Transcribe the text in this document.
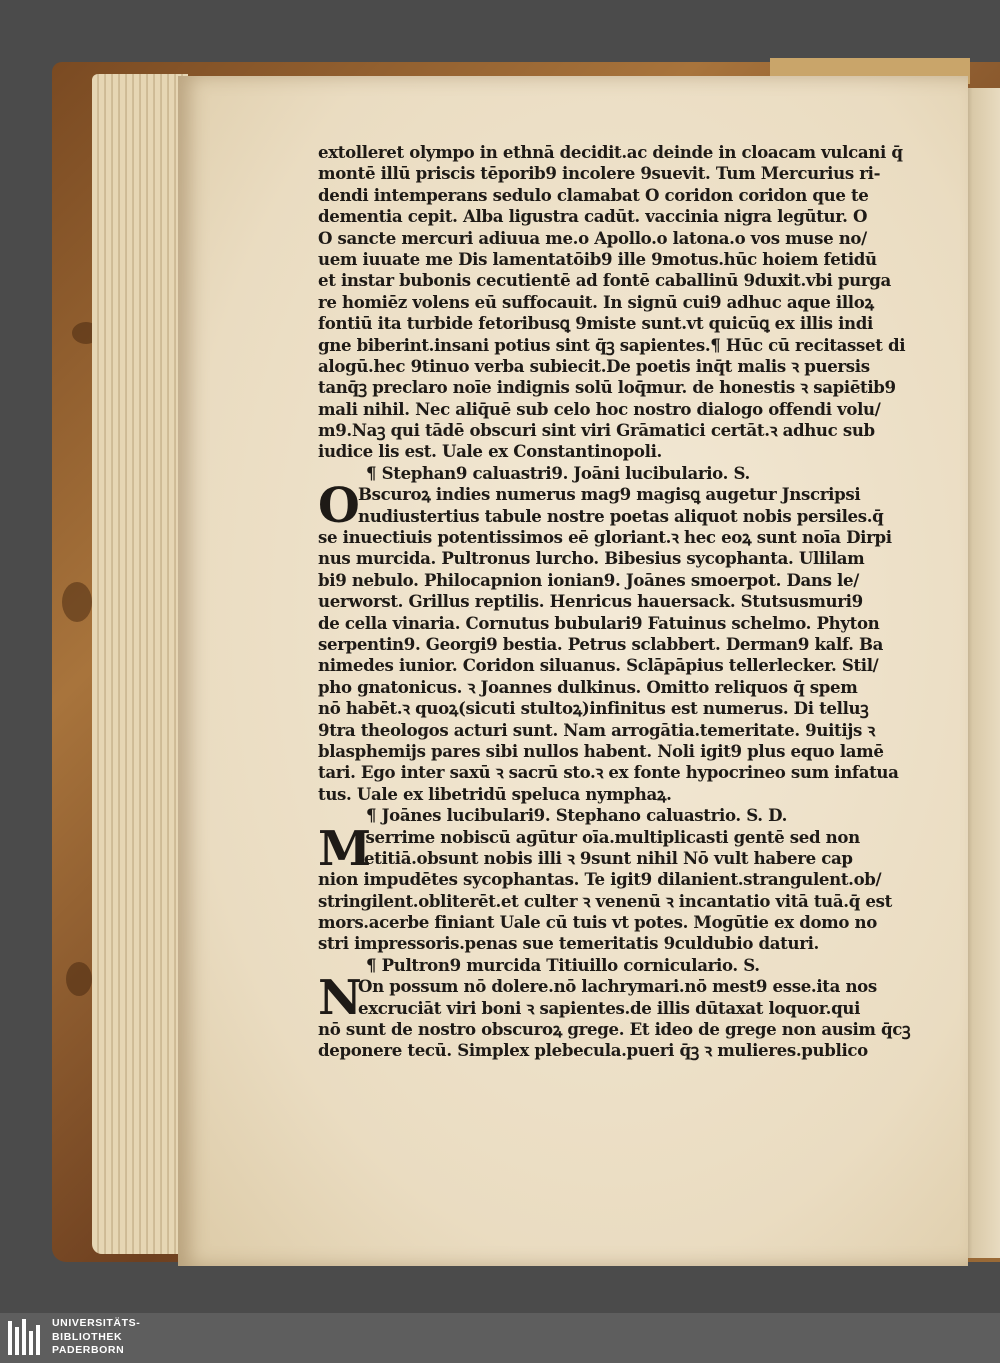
extolleret olympo in ethnā decidit.ac deinde in cloacam vulcani q̄
montē illū priscis tēporib9 incolere 9suevit. Tum Mercurius ri-
dendi intemperans sedulo clamabat O coridon coridon que te
dementia cepit. Alba ligustra cadūt. vaccinia nigra legūtur. O
O sancte mercuri adiuua me.o Apollo.o latona.o vos muse no/
uem iuuate me Dis lamentatōib9 ille 9motus.hūc hoiem fetidū
et instar bubonis cecutientē ad fontē caballinū 9duxit.vbi purga
re homiēz volens eū suffocauit. In signū cui9 adhuc aque illoꝝ
fontiū ita turbide fetoribusꝗ 9miste sunt.vt quicūꝗ ex illis indi
gne biberint.insani potius sint q̄ꝫ sapientes.¶ Hūc cū recitasset di
alogū.hec 9tinuo verba subiecit.De poetis inq̄t malis ꝛ puersis
tanq̄ꝫ preclaro noīe indignis solū loq̄mur. de honestis ꝛ sapiētib9
mali nihil. Nec aliq̄uē sub celo hoc nostro dialogo offendi volu/
m9.Naꝫ qui tādē obscuri sint viri Grāmatici certāt.ꝛ adhuc sub
iudice lis est. Uale ex Constantinopoli.
¶ Stephan9 caluastri9. Joāni lucibulario. S.
O
Bscuroꝝ indies numerus mag9 magisꝗ augetur Jnscripsi
nudiustertius tabule nostre poetas aliquot nobis persiles.q̄
se inuectiuis potentissimos eē gloriant.ꝛ hec eoꝝ sunt noīa Dirpi
nus murcida. Pultronus lurcho. Bibesius sycophanta. Ullilam
bi9 nebulo. Philocapnion ionian9. Joānes smoerpot. Dans le/
uerworst. Grillus reptilis. Henricus hauersack. Stutsusmuri9
de cella vinaria. Cornutus bubulari9 Fatuinus schelmo. Phyton
serpentin9. Georgi9 bestia. Petrus sclabbert. Derman9 kalf. Ba
nimedes iunior. Coridon siluanus. Sclāpāpius tellerlecker. Stil/
pho gnatonicus. ꝛ Joannes dulkinus. Omitto reliquos q̄ spem
nō habēt.ꝛ quoꝝ(sicuti stultoꝝ)infinitus est numerus. Di telluꝫ
9tra theologos acturi sunt. Nam arrogātia.temeritate. 9uitijs ꝛ
blasphemijs pares sibi nullos habent. Noli igit9 plus equo lamē
tari. Ego inter saxū ꝛ sacrū sto.ꝛ ex fonte hypocrineo sum infatua
tus. Uale ex libetridū speluca nymphaꝝ.
¶ Joānes lucibulari9. Stephano caluastrio. S. D.
M
Jserrime nobiscū agūtur oīa.multiplicasti gentē sed non
letitiā.obsunt nobis illi ꝛ 9sunt nihil Nō vult habere cap
nion impudētes sycophantas. Te igit9 dilanient.strangulent.ob/
stringilent.obliterēt.et culter ꝛ venenū ꝛ incantatio vitā tuā.q̄ est
mors.acerbe finiant Uale cū tuis vt potes. Mogūtie ex domo no
stri impressoris.penas sue temeritatis 9culdubio daturi.
¶ Pultron9 murcida Titiuillo corniculario. S.
N
On possum nō dolere.nō lachrymari.nō mest9 esse.ita nos
excruciāt viri boni ꝛ sapientes.de illis dūtaxat loquor.qui
nō sunt de nostro obscuroꝝ grege. Et ideo de grege non ausim q̄cꝫ
deponere tecū. Simplex plebecula.pueri q̄ꝫ ꝛ mulieres.publico
UNIVERSITÄTS-
BIBLIOTHEK
PADERBORN
